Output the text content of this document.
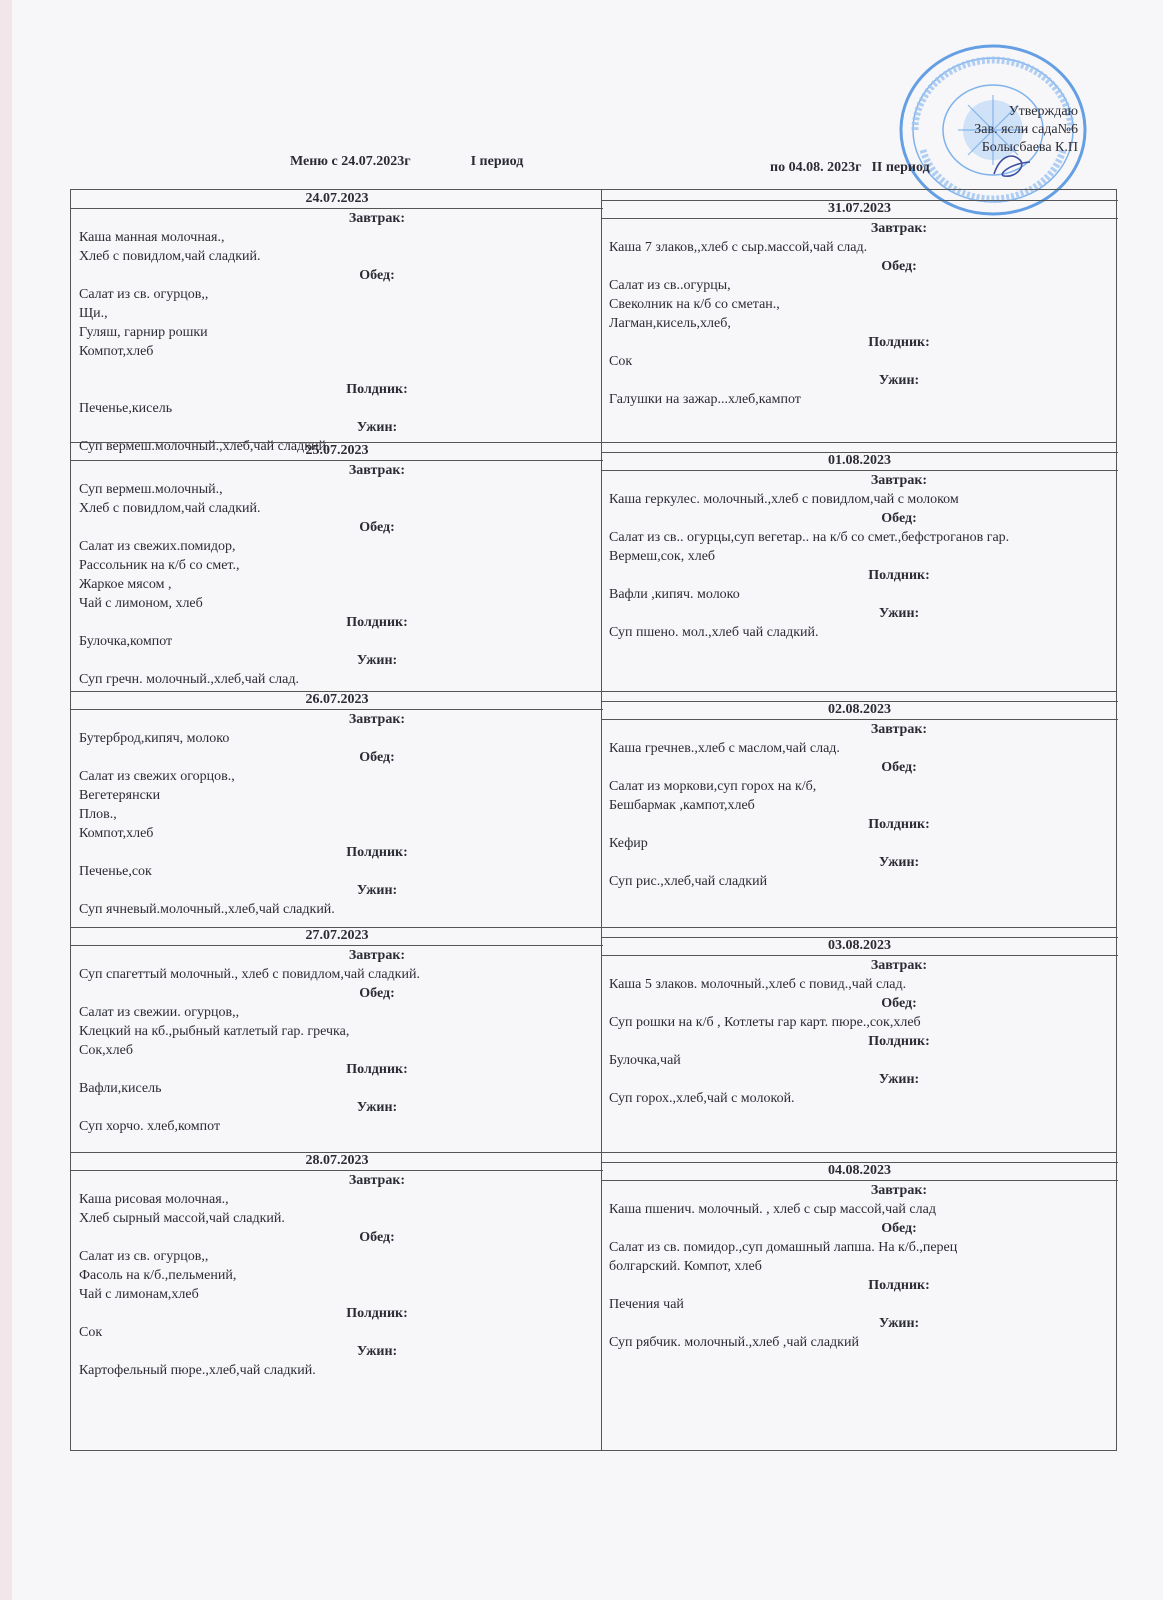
Утверждаю
Зав. ясли сада№6
Болысбаева К.П
Меню с 24.07.2023г	I период	по 04.08. 2023г II период
24.07.2023
Завтрак:
Каша манная молочная.,
Хлеб с повидлом,чай сладкий.
Обед:
Салат из св. огурцов,,
Щи.,
Гуляш, гарнир рошки
Компот,хлеб

Полдник:
Печенье,кисель
Ужин:
Суп вермеш.молочный.,хлеб,чай сладкий.
31.07.2023
Завтрак:
Каша 7 злаков,,хлеб с сыр.массой,чай слад.
Обед:
Салат из св..огурцы,
Свеколник на к/б со сметан.,
Лагман,кисель,хлеб,
Полдник:
Сок
Ужин:
Галушки на зажар...хлеб,кампот
25.07.2023
Завтрак:
Суп вермеш.молочный.,
Хлеб с повидлом,чай сладкий.
Обед:
Салат из свежих.помидор,
Рассольник на к/б со смет.,
Жаркое мясом ,
Чай с лимоном, хлеб
Полдник:
Булочка,компот
Ужин:
Суп гречн. молочный.,хлеб,чай слад.
01.08.2023
Завтрак:
Каша геркулес. молочный.,хлеб с повидлом,чай с молоком
Обед:
Салат из св.. огурцы,суп вегетар.. на к/б со смет.,бефстроганов гар.
Вермеш,сок, хлеб
Полдник:
Вафли ,кипяч. молоко
Ужин:
Суп пшено. мол.,хлеб чай сладкий.
26.07.2023
Завтрак:
Бутерброд,кипяч, молоко
Обед:
Салат из свежих огорцов.,
Вегетерянски
Плов.,
Компот,хлеб
Полдник:
Печенье,сок
Ужин:
Суп ячневый.молочный.,хлеб,чай сладкий.
02.08.2023
Завтрак:
Каша гречнев.,хлеб с маслом,чай слад.
Обед:
Салат из моркови,суп горох на к/б,
Бешбармак ,кампот,хлеб
Полдник:
Кефир
Ужин:
Суп рис.,хлеб,чай сладкий
27.07.2023
Завтрак:
Суп спагеттый молочный., хлеб с повидлом,чай сладкий.
Обед:
Салат из свежии. огурцов,,
Клецкий на кб.,рыбный катлетый гар. гречка,
Сок,хлеб
Полдник:
Вафли,кисель
Ужин:
Суп хорчо. хлеб,компот
03.08.2023
Завтрак:
Каша 5 злаков. молочный.,хлеб с повид.,чай слад.
Обед:
Суп рошки на к/б , Котлеты гар карт. пюре.,сок,хлеб
Полдник:
Булочка,чай
Ужин:
Суп горох.,хлеб,чай с молокой.
28.07.2023
Завтрак:
Каша рисовая молочная.,
Хлеб сырный массой,чай сладкий.
Обед:
Салат из св. огурцов,,
Фасоль на к/б.,пельмений,
Чай с лимонам,хлеб
Полдник:
Сок
Ужин:
Картофельный пюре.,хлеб,чай сладкий.
04.08.2023
Завтрак:
Каша пшенич. молочный. , хлеб с сыр массой,чай слад
Обед:
Салат из св. помидор.,суп домашный лапша. На к/б.,перец
болгарский. Компот, хлеб
Полдник:
Печения чай
Ужин:
Суп рябчик. молочный.,хлеб ,чай сладкий
